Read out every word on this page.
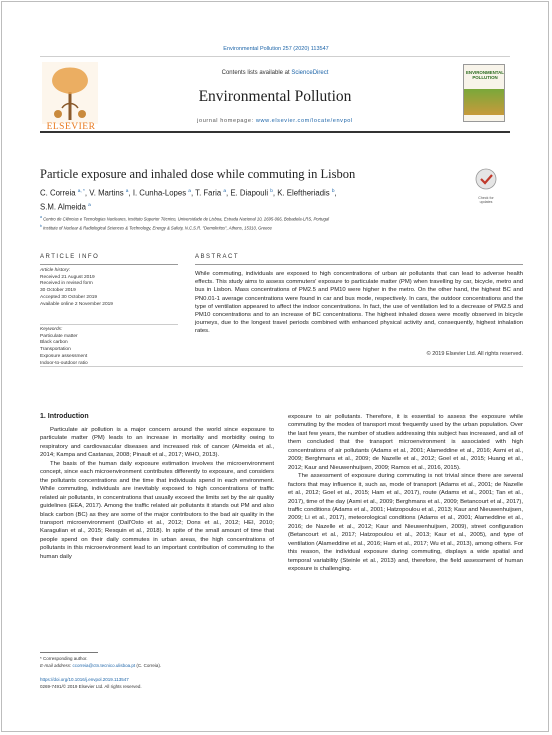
Environmental Pollution 257 (2020) 113547
ELSEVIER
Contents lists available at ScienceDirect
Environmental Pollution
journal homepage: www.elsevier.com/locate/envpol
ENVIRONMENTAL POLLUTION
Particle exposure and inhaled dose while commuting in Lisbon
Check for updates
C. Correia $^{a, *}$, V. Martins $^a$, I. Cunha-Lopes $^a$, T. Faria $^a$, E. Diapouli $^b$, K. Eleftheriadis $^b$,
S.M. Almeida $^a$
$^a$ Centro de Ciências e Tecnologias Nucleares, Instituto Superior Técnico, Universidade de Lisboa, Estrada Nacional 10, 2695-066, Bobadela-LRS, Portugal
$^b$ Institute of Nuclear & Radiological Sciences & Technology, Energy & Safety, N.C.S.R. "Demokritos", Athens, 15310, Greece
ARTICLE INFO	ABSTRACT
Article history:
Received 21 August 2019
Received in revised form
30 October 2019
Accepted 30 October 2019
Available online 2 November 2019
Keywords:
Particulate matter
Black carbon
Transportation
Exposure assessment
Indoor-to-outdoor ratio
While commuting, individuals are exposed to high concentrations of urban air pollutants that can lead to adverse health effects. This study aims to assess commuters' exposure to particulate matter (PM) when travelling by car, bicycle, metro and bus in Lisbon. Mass concentrations of PM2.5 and PM10 were higher in the metro. On the other hand, the highest BC and PN0.01-1 average concentrations were found in car and bus mode, respectively. In cars, the outdoor concentrations and the type of ventilation appeared to affect the indoor concentrations. In fact, the use of ventilation led to a decrease of PM2.5 and PM10 concentrations and to an increase of BC concentrations. The highest inhaled doses were mostly observed in bicycle journeys, due to the longest travel periods combined with enhanced physical activity and, consequently, highest inhalation rates.
© 2019 Elsevier Ltd. All rights reserved.
1. Introduction

Particulate air pollution is a major concern around the world since exposure to particulate matter (PM) leads to an increase in mortality and morbidity owing to respiratory and cardiovascular diseases and increased risk of cancer (Almeida et al., 2014; Kampa and Castanas, 2008; Pinault et al., 2017; WHO, 2013).

The basis of the human daily exposure estimation involves the microenvironment concept, since each microenvironment contributes differently to exposure, and considers the pollutants concentrations and the time that individuals spend in each environment. While commuting, individuals are inevitably exposed to high concentrations of traffic related air pollutants, in concentrations that usually exceed the limits set by the air quality guidelines (EEA, 2017). Among the traffic related air pollutants it stands out PM and also black carbon (BC) as they are some of the major contributors to the bad air quality in the transport microenvironment (Dall'Osto et al., 2012; Dons et al., 2012; HEI, 2010; Karagulian et al., 2015; Resquin et al., 2018). In spite of the small amount of time that people spend on their daily commutes in urban areas, the high concentrations of pollutants in this microenvironment lead to an important contribution of commuting to the human daily

exposure to air pollutants. Therefore, it is essential to assess the exposure while commuting by the modes of transport most frequently used by the urban population. Over the last few years, the number of studies addressing this subject has increased, and all of them concluded that the transport microenvironment is associated with high concentrations of air pollutants (Adams et al., 2001; Alameddine et al., 2016; Asmi et al., 2009; Berghmans et al., 2009; de Nazelle et al., 2012; Goel et al., 2015; Huang et al., 2012; Kaur and Nieuwenhuijsen, 2009; Ramos et al., 2016, 2015).

The assessment of exposure during commuting is not trivial since there are several factors that may influence it, such as, mode of transport (Adams et al., 2001; de Nazelle et al., 2012; Goel et al., 2015; Ham et al., 2017), route (Adams et al., 2001; Tan et al., 2017), time of the day (Asmi et al., 2009; Berghmans et al., 2009; Betancourt et al., 2017), traffic conditions (Adams et al., 2001; Hatzopoulou et al., 2013; Kaur and Nieuwenhuijsen, 2009; Li et al., 2017), meteorological conditions (Adams et al., 2001; Alameddine et al., 2016; de Nazelle et al., 2012; Kaur and Nieuwenhuijsen, 2009), street configuration (Betancourt et al., 2017; Hatzopoulou et al., 2013; Kaur et al., 2005), and type of ventilation (Alameddine et al., 2016; Ham et al., 2017; Wu et al., 2013), among others. For this reason, the individual exposure during commuting, displays a wide spatial and temporal variability (Steinle et al., 2013) and, therefore, the field assessment of human exposure is challenging.

* Corresponding author.
E-mail address: ccorreia@ctn.tecnico.ulisboa.pt (C. Correia).
https://doi.org/10.1016/j.envpol.2019.113547
0269-7491/© 2019 Elsevier Ltd. All rights reserved.
